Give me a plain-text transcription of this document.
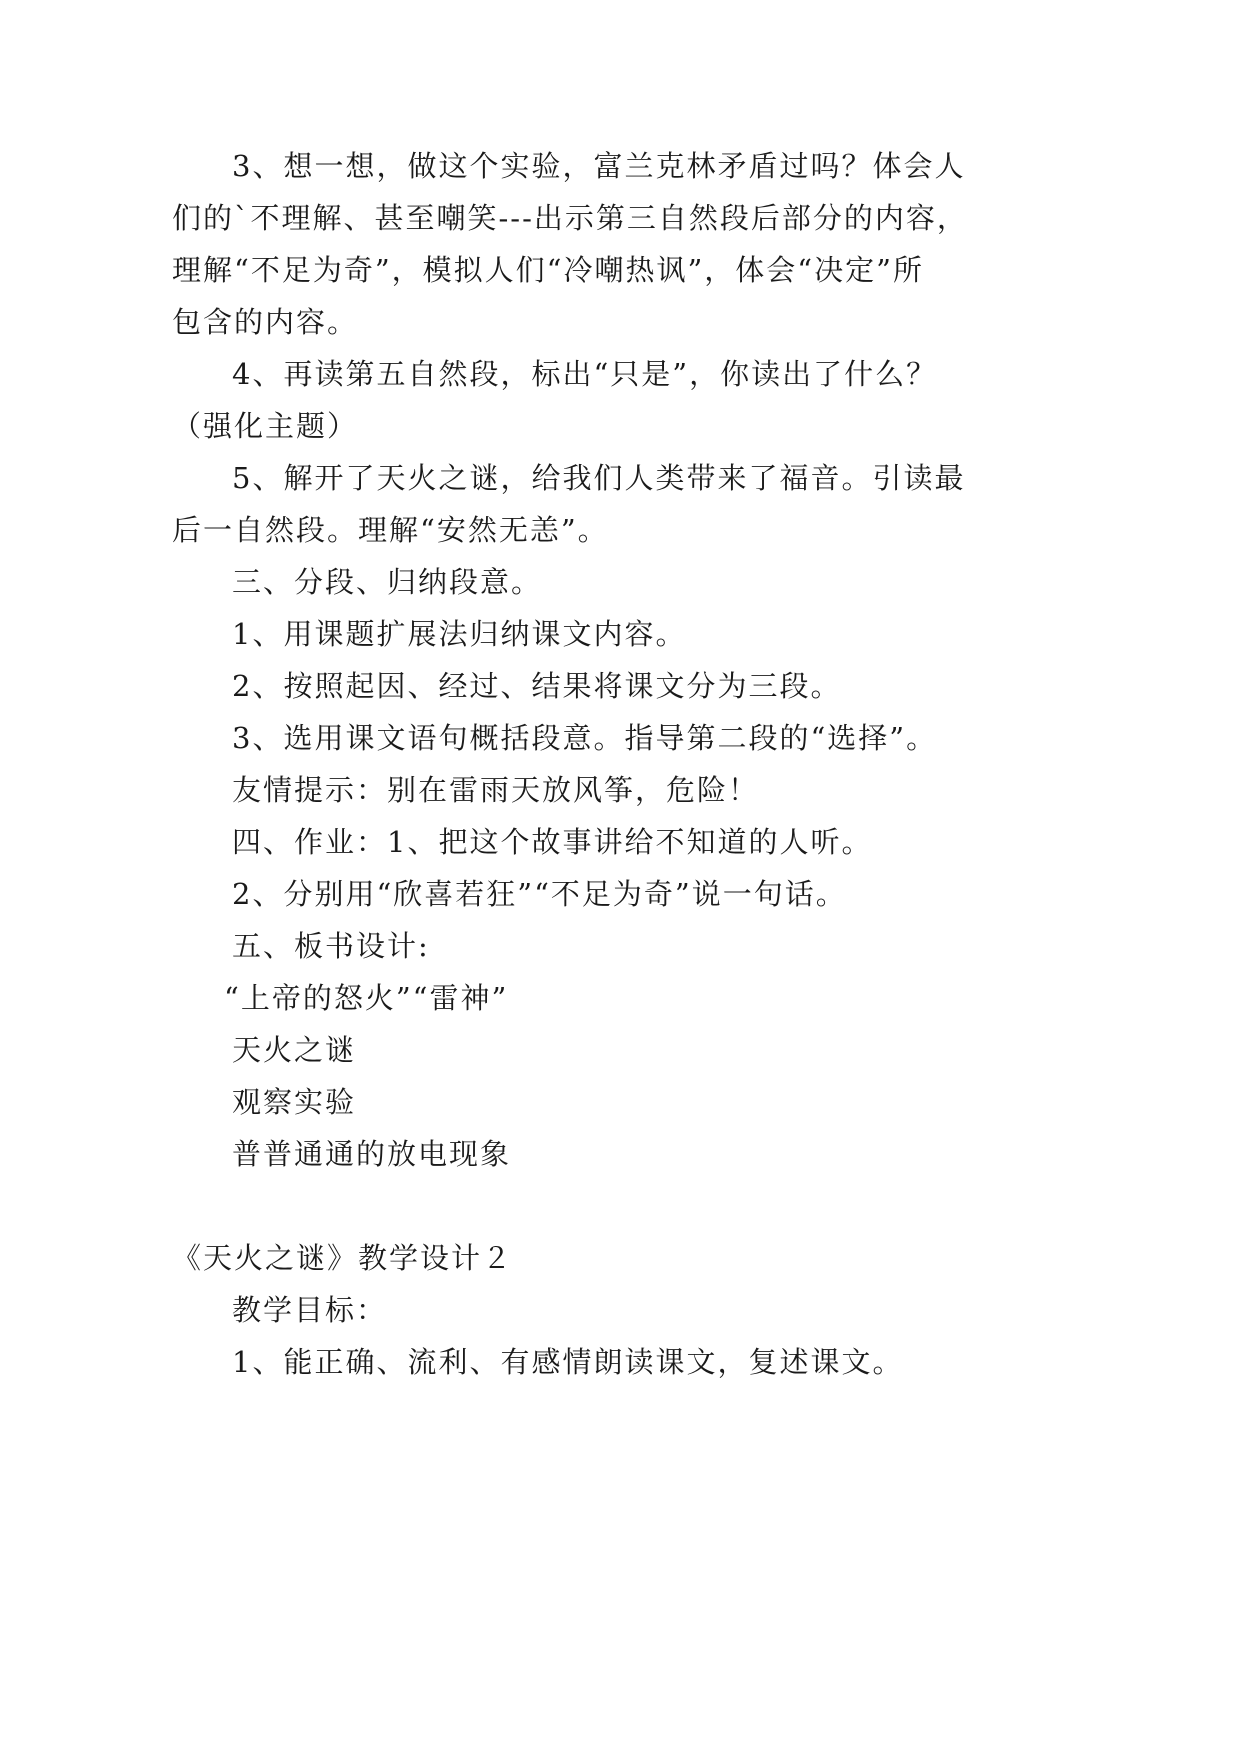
3、想一想，做这个实验，富兰克林矛盾过吗？体会人
们的`不理解、甚至嘲笑---出示第三自然段后部分的内容，
理解“不足为奇”，模拟人们“冷嘲热讽”，体会“决定”所
包含的内容。
4、再读第五自然段，标出“只是”，你读出了什么？
（强化主题）
5、解开了天火之谜，给我们人类带来了福音。引读最
后一自然段。理解“安然无恙”。
三、分段、归纳段意。
1、用课题扩展法归纳课文内容。
2、按照起因、经过、结果将课文分为三段。
3、选用课文语句概括段意。指导第二段的“选择”。
友情提示：别在雷雨天放风筝，危险！
四、作业：1、把这个故事讲给不知道的人听。
2、分别用“欣喜若狂”“不足为奇”说一句话。
五、板书设计:
“上帝的怒火”“雷神”
天火之谜
观察实验
普普通通的放电现象
《天火之谜》教学设计２
教学目标：
1、能正确、流利、有感情朗读课文，复述课文。
